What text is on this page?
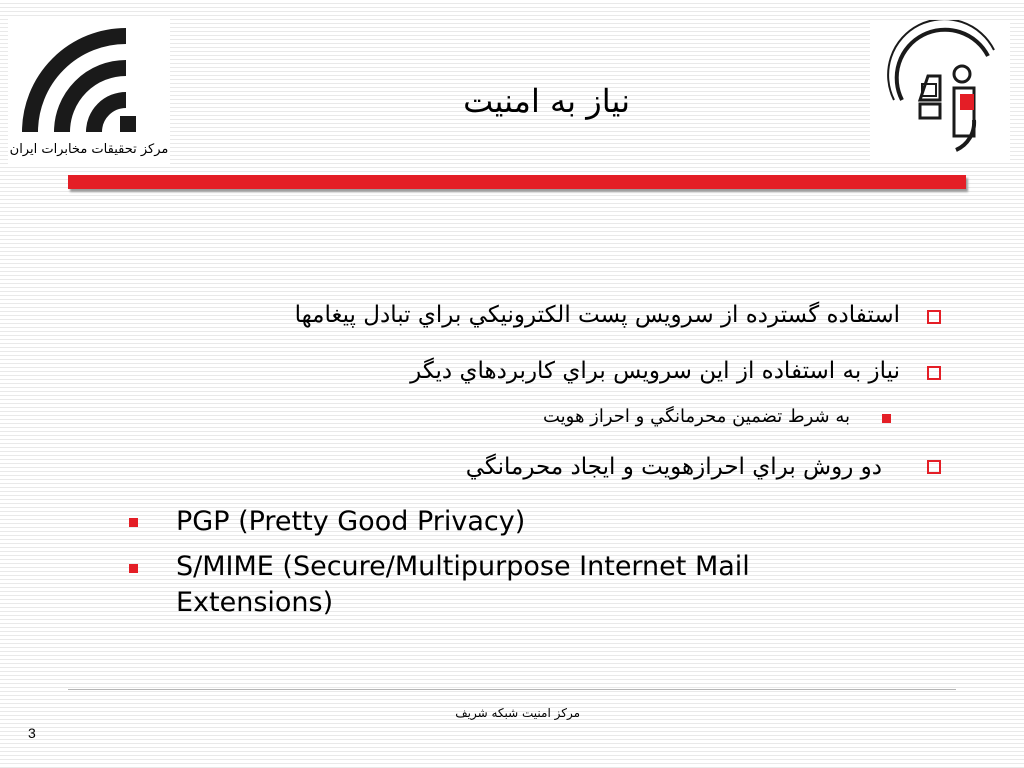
مرکز تحقیقات مخابرات ایران
نياز به امنيت
استفاده گسترده از سرويس پست الكترونيكي براي تبادل پيغامها
نياز به استفاده از اين سرويس براي كاربردهاي ديگر
به شرط تضمين محرمانگي و احراز هويت
دو روش براي احرازهويت و ايجاد محرمانگي
PGP (Pretty Good Privacy)
S/MIME (Secure/Multipurpose Internet Mail
Extensions)
مركز امنيت شبكه شريف
3
